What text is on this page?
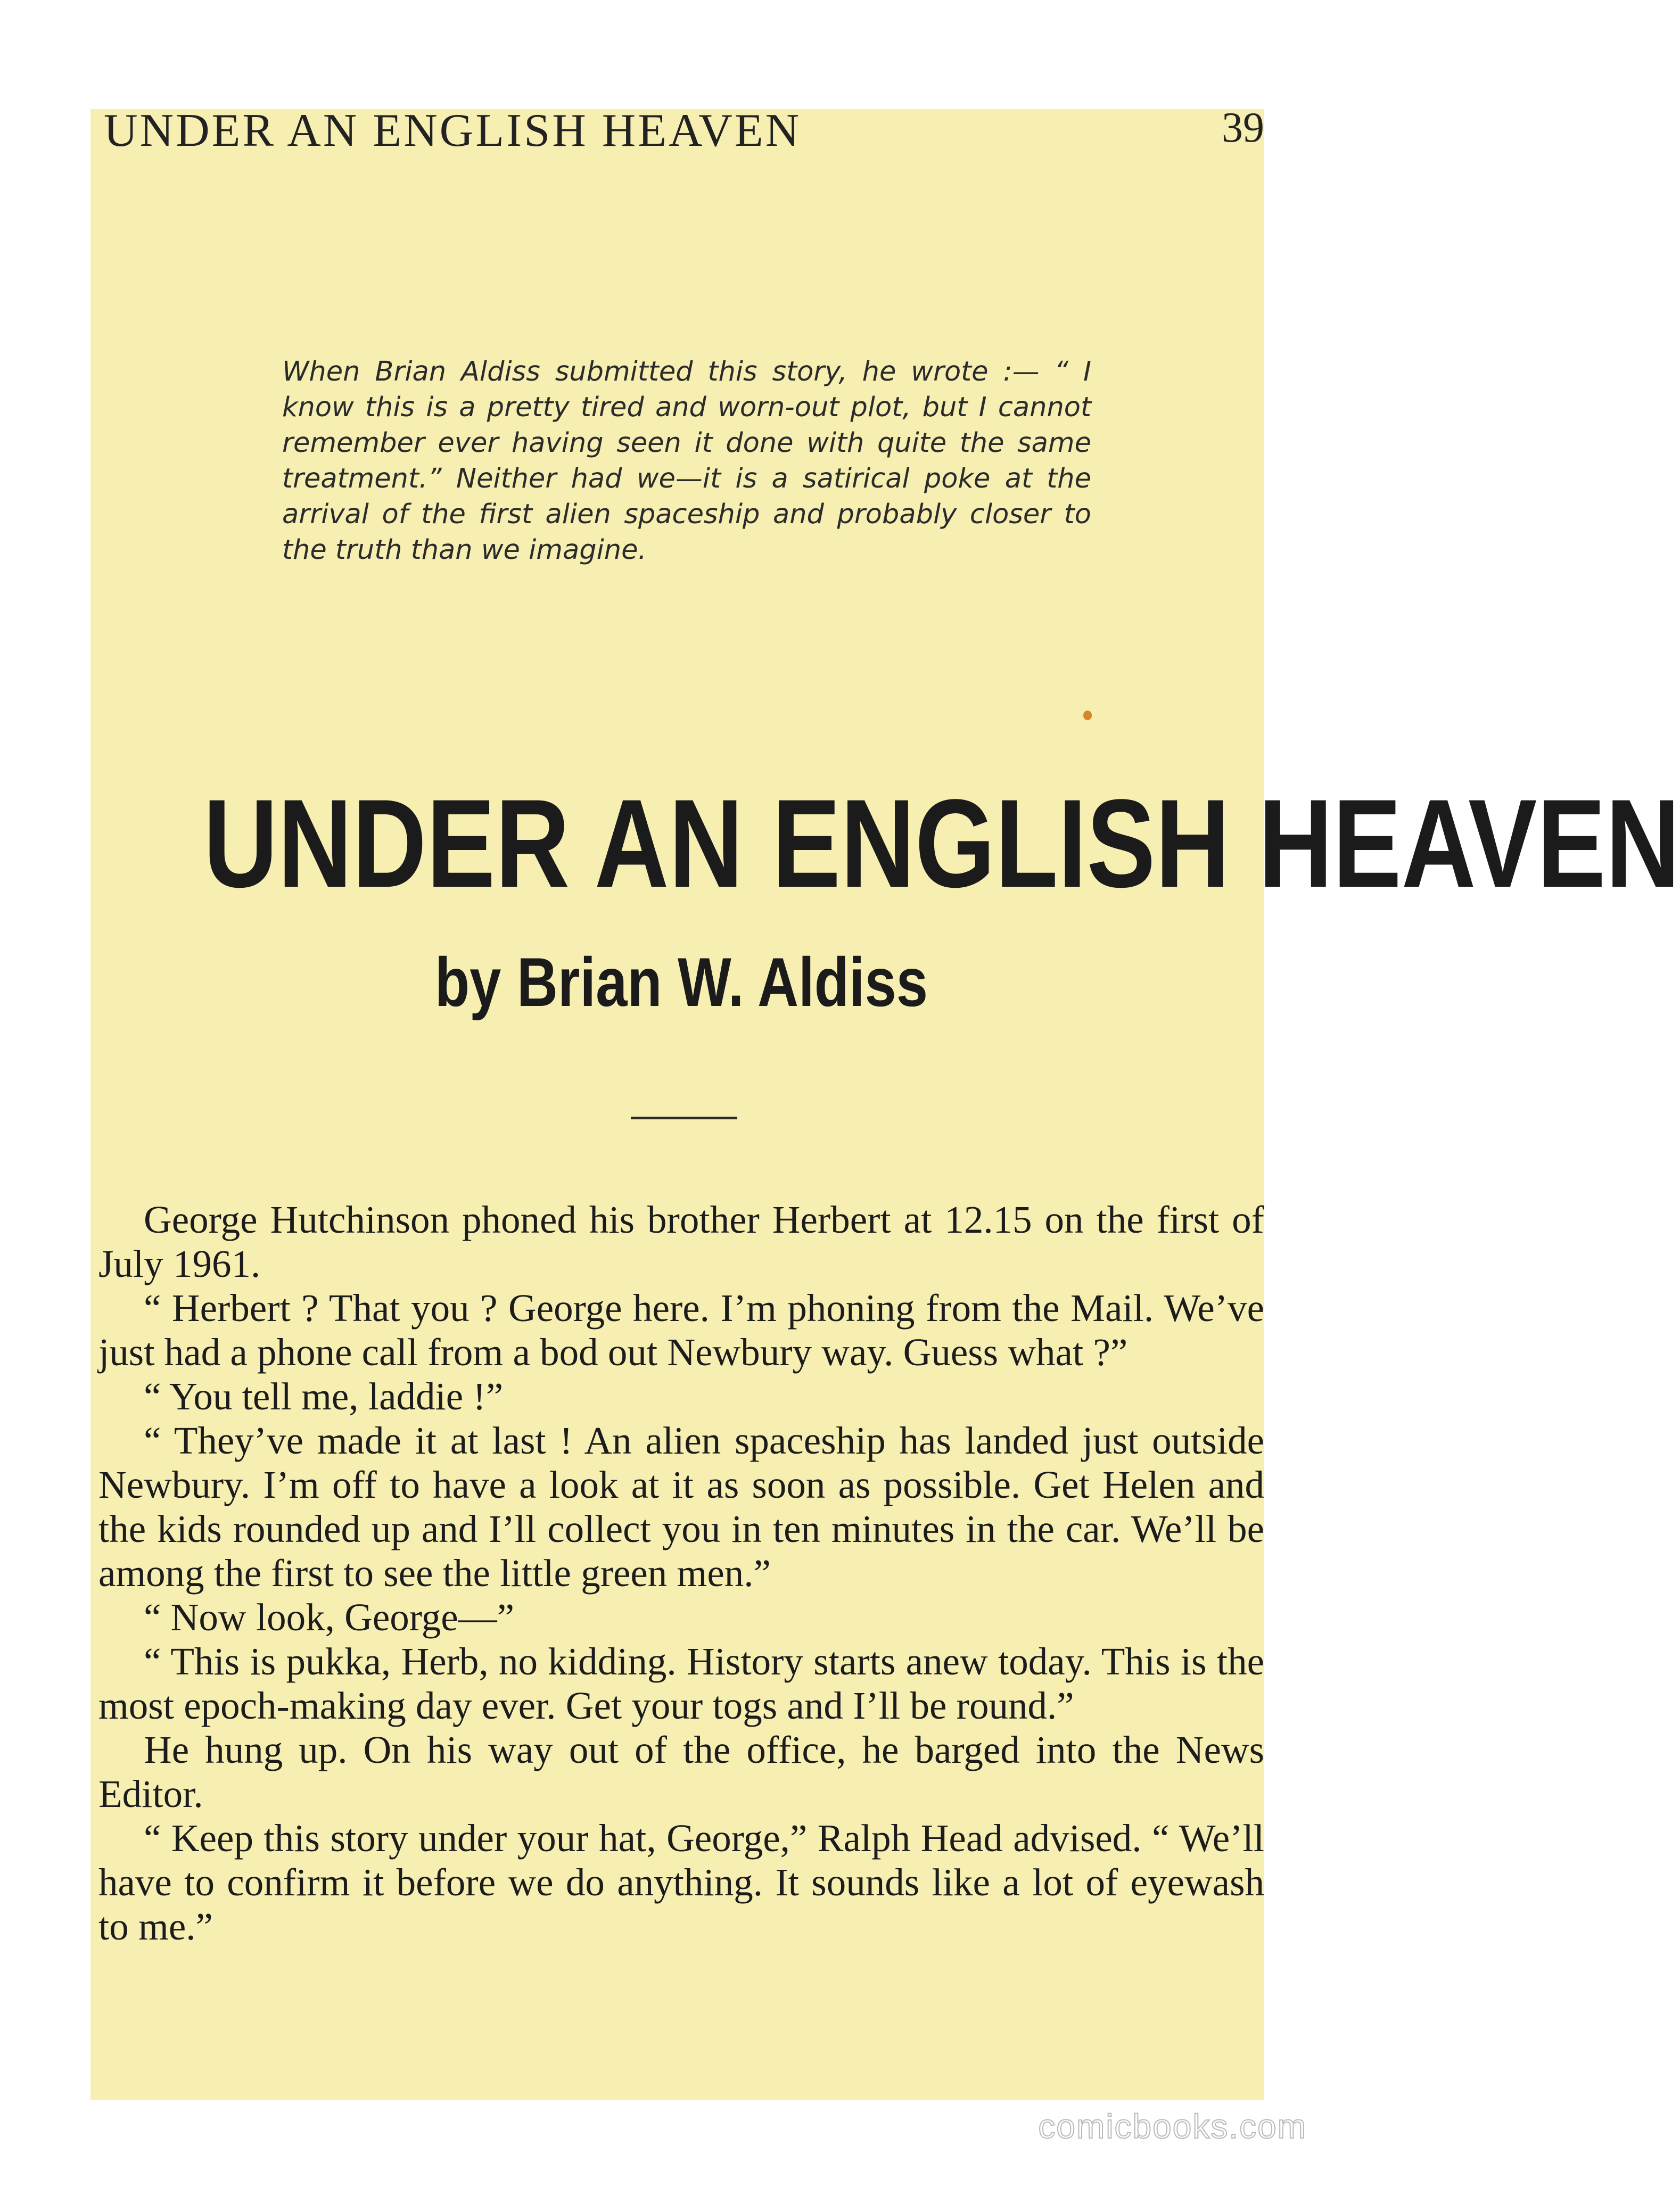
UNDER AN ENGLISH HEAVEN	39

When Brian Aldiss submitted this story, he wrote :— “ I know this is a pretty tired and worn-out plot, but I cannot remember ever having seen it done with quite the same treatment.” Neither had we—it is a satirical poke at the arrival of the first alien spaceship and probably closer to the truth than we imagine.

UNDER AN ENGLISH HEAVEN
by Brian W. Aldiss

George Hutchinson phoned his brother Herbert at 12.15 on the first of July 1961.

“ Herbert ? That you ? George here. I’m phoning from the Mail. We’ve just had a phone call from a bod out Newbury way. Guess what ?”

“ You tell me, laddie !”

“ They’ve made it at last ! An alien spaceship has landed just outside Newbury. I’m off to have a look at it as soon as possible. Get Helen and the kids rounded up and I’ll collect you in ten minutes in the car. We’ll be among the first to see the little green men.”

“ Now look, George—”

“ This is pukka, Herb, no kidding. History starts anew today. This is the most epoch-making day ever. Get your togs and I’ll be round.”

He hung up. On his way out of the office, he barged into the News Editor.

“ Keep this story under your hat, George,” Ralph Head advised. “ We’ll have to confirm it before we do anything. It sounds like a lot of eyewash to me.”

comicbooks.com
